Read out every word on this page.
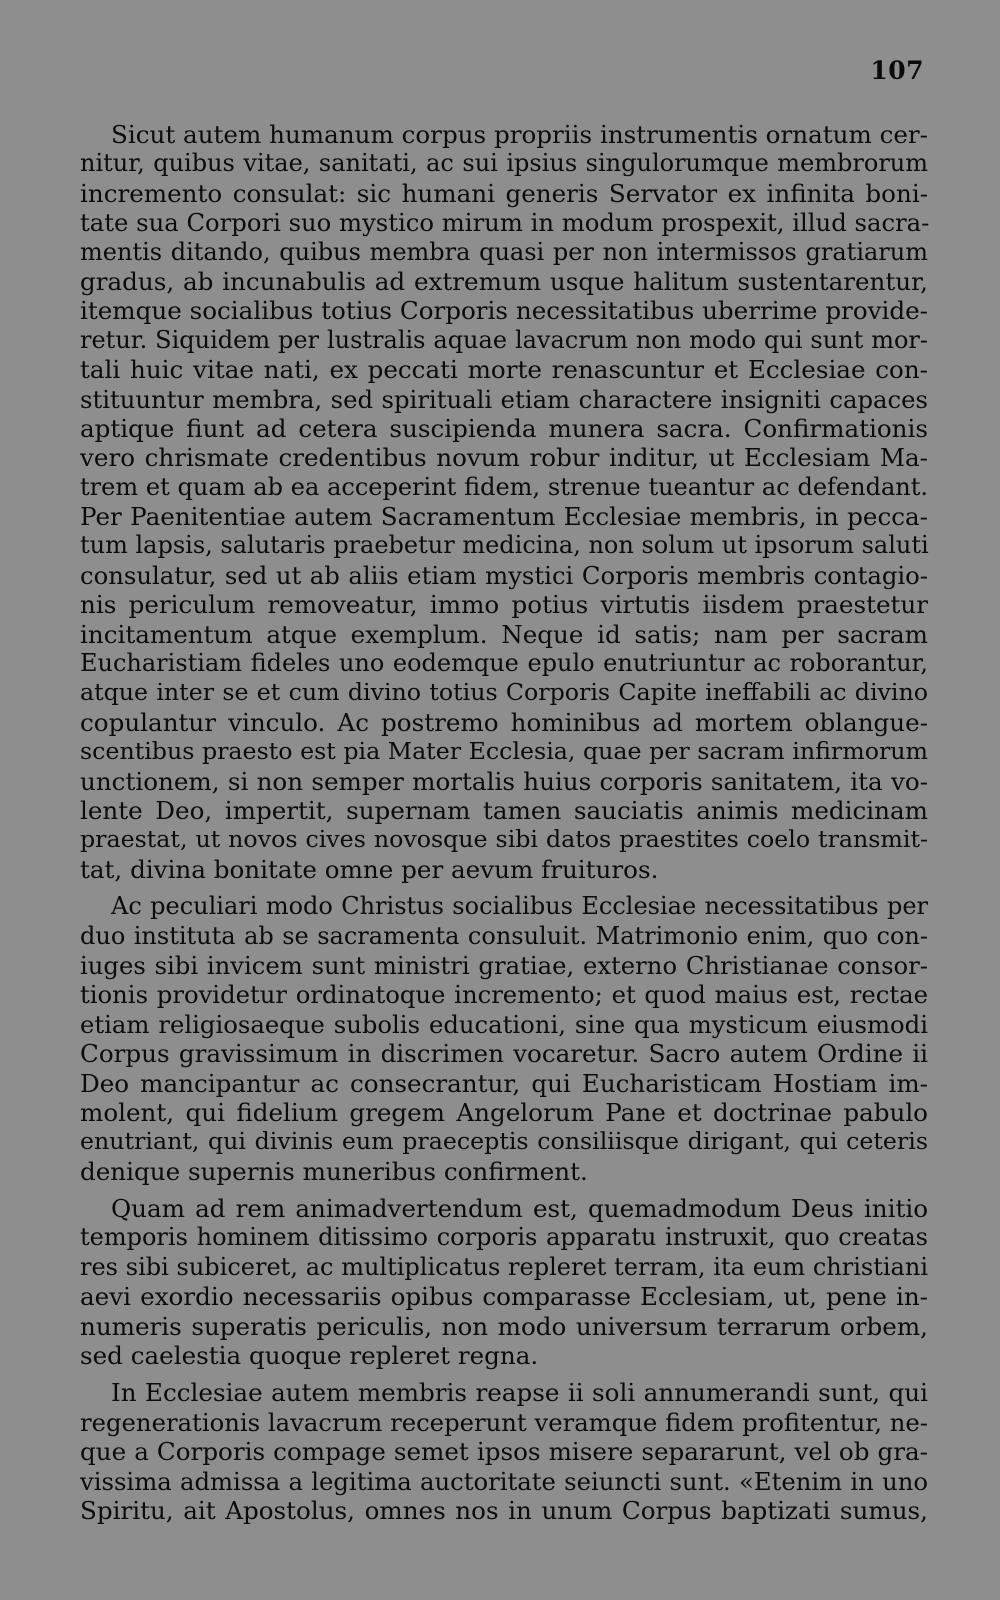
107

Sicut autem humanum corpus propriis instrumentis ornatum cer-
nitur, quibus vitae, sanitati, ac sui ipsius singulorumque membrorum
incremento consulat: sic humani generis Servator ex infinita boni-
tate sua Corpori suo mystico mirum in modum prospexit, illud sacra-
mentis ditando, quibus membra quasi per non intermissos gratiarum
gradus, ab incunabulis ad extremum usque halitum sustentarentur,
itemque socialibus totius Corporis necessitatibus uberrime provide-
retur. Siquidem per lustralis aquae lavacrum non modo qui sunt mor-
tali huic vitae nati, ex peccati morte renascuntur et Ecclesiae con-
stituuntur membra, sed spirituali etiam charactere insigniti capaces
aptique fiunt ad cetera suscipienda munera sacra. Confirmationis
vero chrismate credentibus novum robur inditur, ut Ecclesiam Ma-
trem et quam ab ea acceperint fidem, strenue tueantur ac defendant.
Per Paenitentiae autem Sacramentum Ecclesiae membris, in pecca-
tum lapsis, salutaris praebetur medicina, non solum ut ipsorum saluti
consulatur, sed ut ab aliis etiam mystici Corporis membris contagio-
nis periculum removeatur, immo potius virtutis iisdem praestetur
incitamentum atque exemplum. Neque id satis; nam per sacram
Eucharistiam fideles uno eodemque epulo enutriuntur ac roborantur,
atque inter se et cum divino totius Corporis Capite ineffabili ac divino
copulantur vinculo. Ac postremo hominibus ad mortem oblangue-
scentibus praesto est pia Mater Ecclesia, quae per sacram infirmorum
unctionem, si non semper mortalis huius corporis sanitatem, ita vo-
lente Deo, impertit, supernam tamen sauciatis animis medicinam
praestat, ut novos cives novosque sibi datos praestites coelo transmit-
tat, divina bonitate omne per aevum fruituros.

Ac peculiari modo Christus socialibus Ecclesiae necessitatibus per
duo instituta ab se sacramenta consuluit. Matrimonio enim, quo con-
iuges sibi invicem sunt ministri gratiae, externo Christianae consor-
tionis providetur ordinatoque incremento; et quod maius est, rectae
etiam religiosaeque subolis educationi, sine qua mysticum eiusmodi
Corpus gravissimum in discrimen vocaretur. Sacro autem Ordine ii
Deo mancipantur ac consecrantur, qui Eucharisticam Hostiam im-
molent, qui fidelium gregem Angelorum Pane et doctrinae pabulo
enutriant, qui divinis eum praeceptis consiliisque dirigant, qui ceteris
denique supernis muneribus confirment.

Quam ad rem animadvertendum est, quemadmodum Deus initio
temporis hominem ditissimo corporis apparatu instruxit, quo creatas
res sibi subiceret, ac multiplicatus repleret terram, ita eum christiani
aevi exordio necessariis opibus comparasse Ecclesiam, ut, pene in-
numeris superatis periculis, non modo universum terrarum orbem,
sed caelestia quoque repleret regna.

In Ecclesiae autem membris reapse ii soli annumerandi sunt, qui
regenerationis lavacrum receperunt veramque fidem profitentur, ne-
que a Corporis compage semet ipsos misere separarunt, vel ob gra-
vissima admissa a legitima auctoritate seiuncti sunt. «Etenim in uno
Spiritu, ait Apostolus, omnes nos in unum Corpus baptizati sumus,
